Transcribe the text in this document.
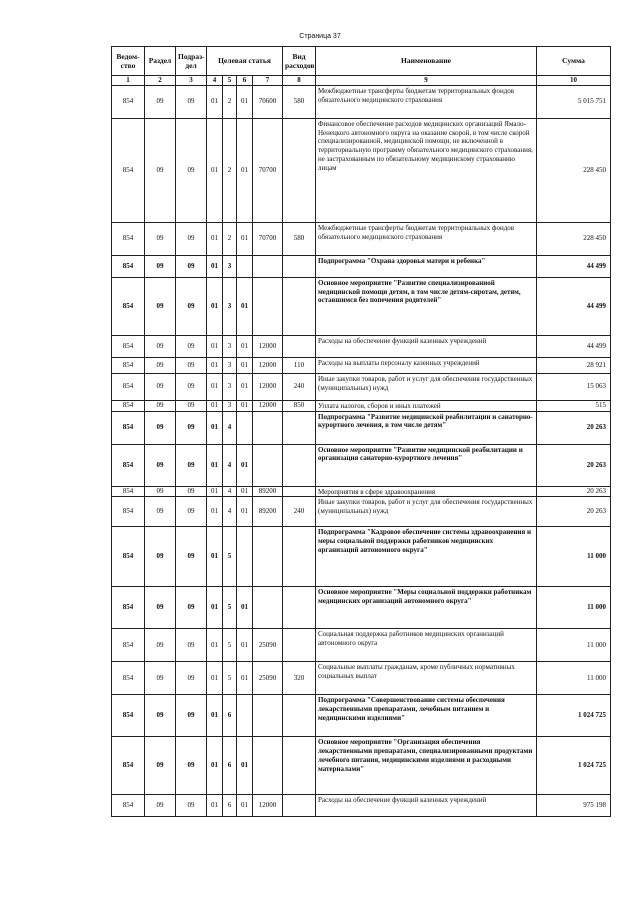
Страница 37
Ведом-ство	Раздел	Подраз-дел	Целевая статья				Вид расходов	Наименование	Сумма
1	2	3	4	5	6	7	8	9	10
854	09	09	01	2	01	70600	580	Межбюджетные трансферты бюджетам территориальных фондов обязательного медицинского страхования	5 015 751
854	09	09	01	2	01	70700		Финансовое обеспечение расходов медицинских организаций Ямало-Ненецкого автономного округа на оказание скорой, в том числе скорой специализированной, медицинской помощи, не включенной в территориальную программу обязательного медицинского страхования, не застрахованным по обязательному медицинскому страхованию лицам	228 450
854	09	09	01	2	01	70700	580	Межбюджетные трансферты бюджетам территориальных фондов обязательного медицинского страхования	228 450
854	09	09	01	3				Подпрограмма "Охрана здоровья матери и ребенка"	44 499
854	09	09	01	3	01			Основное мероприятие "Развитие специализированной медицинской помощи детям, в том числе детям-сиротам, детям, оставшимся без попечения родителей"	44 499
854	09	09	01	3	01	12000		Расходы на обеспечение функций казенных учреждений	44 499
854	09	09	01	3	01	12000	110	Расходы на выплаты персоналу казенных учреждений	28 921
854	09	09	01	3	01	12000	240	Иные закупки товаров, работ и услуг для обеспечения государственных (муниципальных) нужд	15 063
854	09	09	01	3	01	12000	850	Уплата налогов, сборов и иных платежей	515
854	09	09	01	4				Подпрограмма "Развитие медицинской реабилитации и санаторно-курортного лечения, в том числе детям"	20 263
854	09	09	01	4	01			Основное мероприятие "Развитие медицинской реабилитации и организация санаторно-курортного лечения"	20 263
854	09	09	01	4	01	89200		Мероприятия в сфере здравоохранения	20 263
854	09	09	01	4	01	89200	240	Иные закупки товаров, работ и услуг для обеспечения государственных (муниципальных) нужд	20 263
854	09	09	01	5				Подпрограмма "Кадровое обеспечение системы здравоохранения и меры социальной поддержки работников медицинских организаций автономного округа"	11 000
854	09	09	01	5	01			Основное мероприятие "Меры социальной поддержки работникам медицинских организаций автономного округа"	11 000
854	09	09	01	5	01	25090		Социальная поддержка работников медицинских организаций автономного округа	11 000
854	09	09	01	5	01	25090	320	Социальные выплаты гражданам, кроме публичных нормативных социальных выплат	11 000
854	09	09	01	6				Подпрограмма "Совершенствование системы обеспечения лекарственными препаратами, лечебным питанием и медицинскими изделиями"	1 024 725
854	09	09	01	6	01			Основное мероприятие "Организация обеспечения лекарственными препаратами, специализированными продуктами лечебного питания, медицинскими изделиями и расходными материалами"	1 024 725
854	09	09	01	6	01	12000		Расходы на обеспечение функций казенных учреждений	975 198
